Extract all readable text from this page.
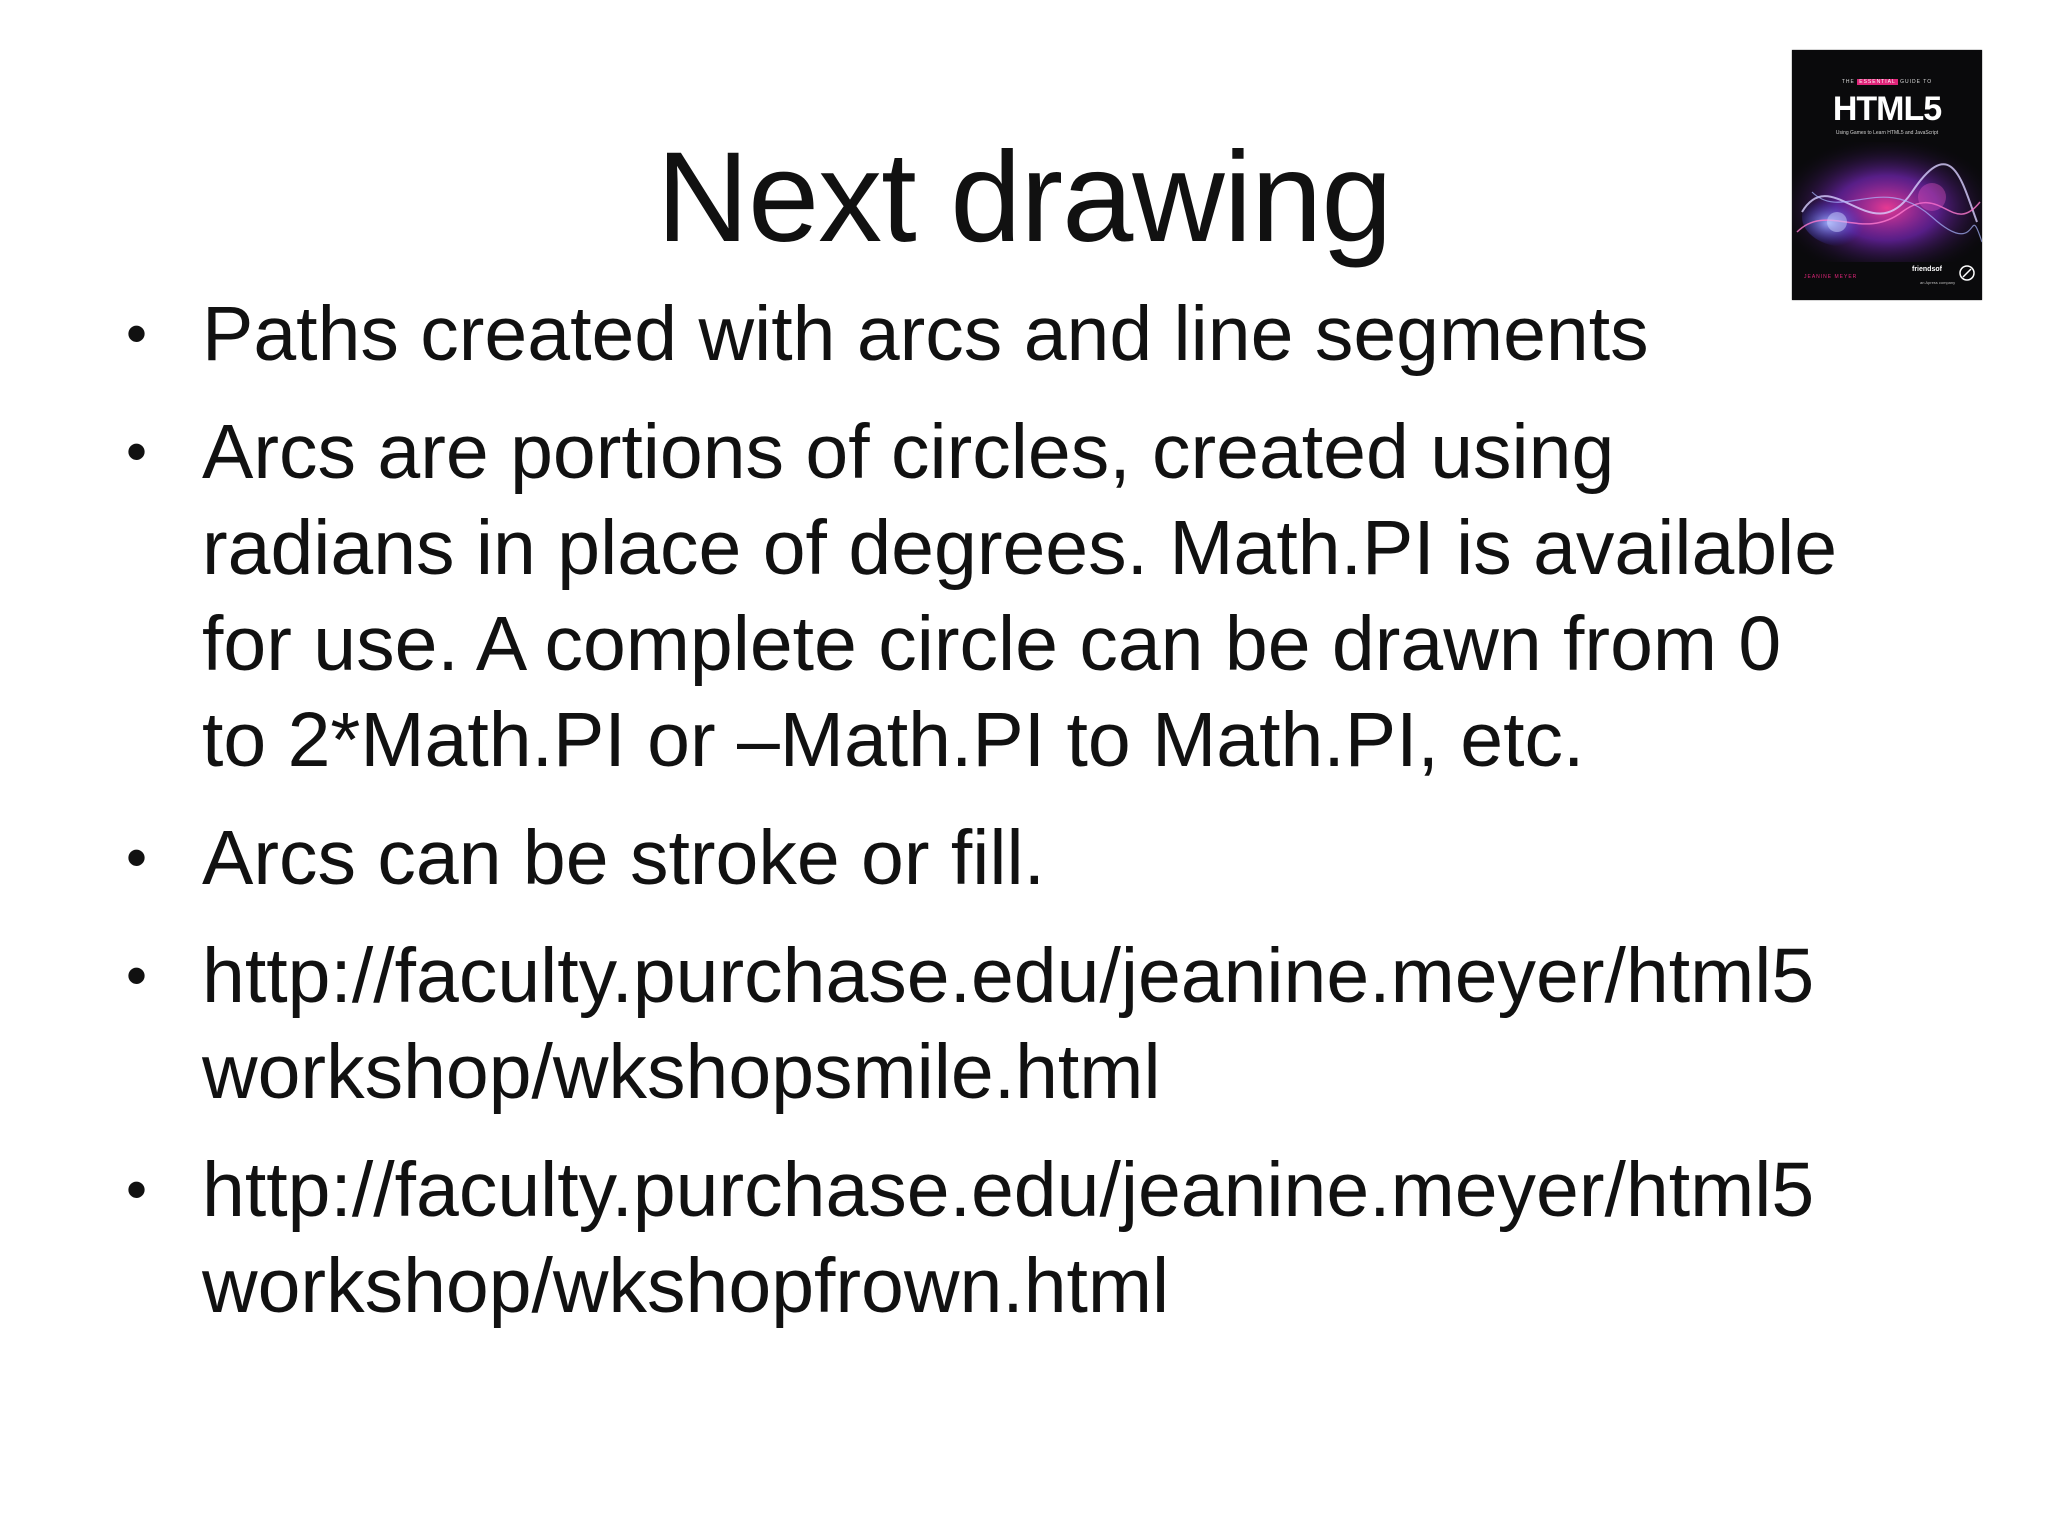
Next drawing
• Paths created with arcs and line segments
• Arcs are portions of circles, created using
radians in place of degrees. Math.PI is available
for use. A complete circle can be drawn from 0
to 2*Math.PI or –Math.PI to Math.PI, etc.
• Arcs can be stroke or fill.
• http://faculty.purchase.edu/jeanine.meyer/html5
workshop/wkshopsmile.html
• http://faculty.purchase.edu/jeanine.meyer/html5
workshop/wkshopfrown.html
THE ESSENTIAL GUIDE TO
HTML5
Using Games to Learn HTML5 and JavaScript
JEANINE MEYER
friendsof
an Apress company
